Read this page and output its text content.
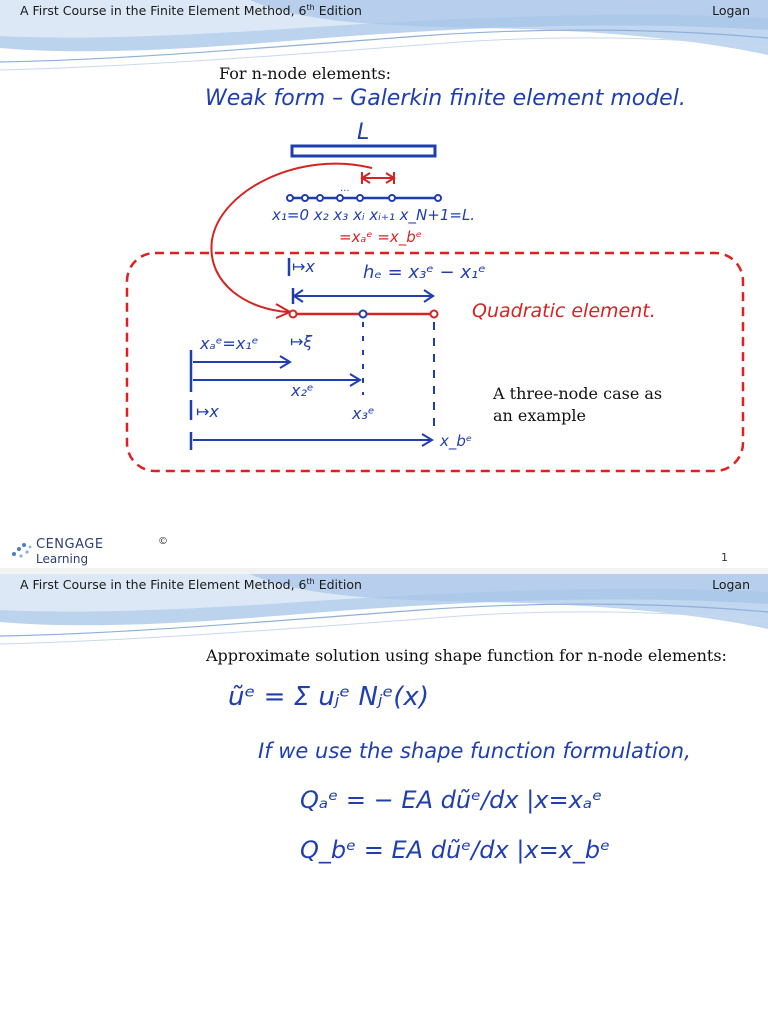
A First Course in the Finite Element Method, 6th Edition	Logan
For n-node elements:
Weak form – Galerkin finite element model.
L
...
x₁=0 x₂ x₃ xᵢ xᵢ₊₁ x_N+1=L.
=xₐᵉ =x_bᵉ
↦x	hₑ = x₃ᵉ − x₁ᵉ
Quadratic element.
xₐᵉ=x₁ᵉ ↦ξ
x₂ᵉ
↦x	x₃ᵉ
x_bᵉ
A three-node case as an example
CENGAGE
Learning
©
1
A First Course in the Finite Element Method, 6th Edition	Logan
Approximate solution using shape function for n-node elements:
ũᵉ = Σ uⱼᵉ Nⱼᵉ(x)
If we use the shape function formulation,
Qₐᵉ = − EA dũᵉ/dx |x=xₐᵉ
Q_bᵉ = EA dũᵉ/dx |x=x_bᵉ
